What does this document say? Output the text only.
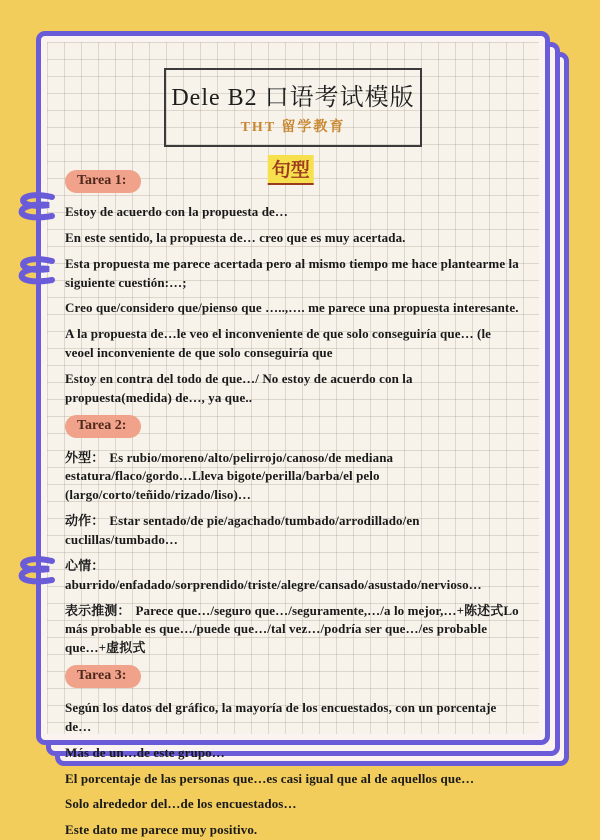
Dele B2 口语考试模版
THT 留学教育
Tarea 1:	句型

Estoy de acuerdo con la propuesta de…

En este sentido, la propuesta de… creo que es muy acertada.

Esta propuesta me parece acertada pero al mismo tiempo me hace plantearme la siguiente cuestión:…;

Creo que/considero que/pienso que …..,…. me parece una propuesta interesante.

A la propuesta de…le veo el inconveniente de que solo conseguiría que… (le veoel inconveniente de que solo conseguiría que

Estoy en contra del todo de que…/ No estoy de acuerdo con la propuesta(medida) de…, ya que..

Tarea 2:

外型： Es rubio/moreno/alto/pelirrojo/canoso/de mediana estatura/flaco/gordo…Lleva bigote/perilla/barba/el pelo (largo/corto/teñido/rizado/liso)…

动作： Estar sentado/de pie/agachado/tumbado/arrodillado/en cuclillas/tumbado…

心情：aburrido/enfadado/sorprendido/triste/alegre/cansado/asustado/nervioso…

表示推测： Parece que…/seguro que…/seguramente,…/a lo mejor,…+陈述式Lo más probable es que…/puede que…/tal vez…/podría ser que…/es probable que…+虚拟式

Tarea 3:

Según los datos del gráfico, la mayoría de los encuestados, con un porcentaje de…

Más de un…de este grupo…

El porcentaje de las personas que…es casi igual que al de aquellos que…

Solo alrededor del…de los encuestados…

Este dato me parece muy positivo.
